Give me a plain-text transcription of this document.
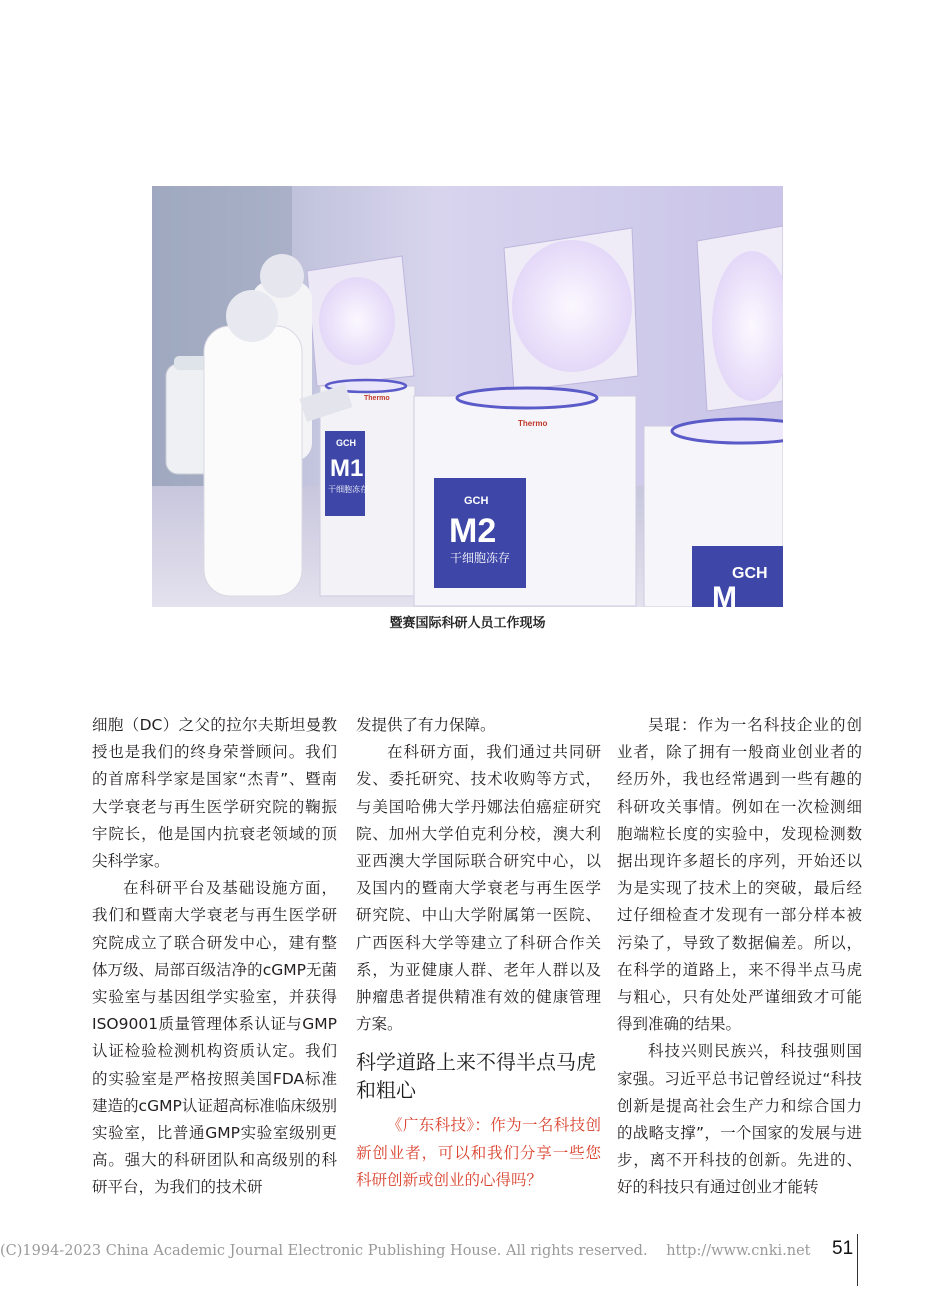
GCH
M1
干细胞冻存
Thermo
GCH
M2
干细胞冻存
Thermo
GCH
M
暨赛国际科研人员工作现场

细胞（DC）之父的拉尔夫斯坦曼教授也是我们的终身荣誉顾问。我们的首席科学家是国家“杰青”、暨南大学衰老与再生医学研究院的鞠振宇院长，他是国内抗衰老领域的顶尖科学家。

在科研平台及基础设施方面，我们和暨南大学衰老与再生医学研究院成立了联合研发中心，建有整体万级、局部百级洁净的cGMP无菌实验室与基因组学实验室，并获得ISO9001质量管理体系认证与GMP认证检验检测机构资质认定。我们的实验室是严格按照美国FDA标准建造的cGMP认证超高标准临床级别实验室，比普通GMP实验室级别更高。强大的科研团队和高级别的科研平台，为我们的技术研

发提供了有力保障。

在科研方面，我们通过共同研发、委托研究、技术收购等方式，与美国哈佛大学丹娜法伯癌症研究院、加州大学伯克利分校，澳大利亚西澳大学国际联合研究中心，以及国内的暨南大学衰老与再生医学研究院、中山大学附属第一医院、广西医科大学等建立了科研合作关系，为亚健康人群、老年人群以及肿瘤患者提供精准有效的健康管理方案。

科学道路上来不得半点马虎和粗心

《广东科技》：作为一名科技创新创业者，可以和我们分享一些您科研创新或创业的心得吗？

吴琨：作为一名科技企业的创业者，除了拥有一般商业创业者的经历外，我也经常遇到一些有趣的科研攻关事情。例如在一次检测细胞端粒长度的实验中，发现检测数据出现许多超长的序列，开始还以为是实现了技术上的突破，最后经过仔细检查才发现有一部分样本被污染了，导致了数据偏差。所以，在科学的道路上，来不得半点马虎与粗心，只有处处严谨细致才可能得到准确的结果。

科技兴则民族兴，科技强则国家强。习近平总书记曾经说过“科技创新是提高社会生产力和综合国力的战略支撑”，一个国家的发展与进步，离不开科技的创新。先进的、好的科技只有通过创业才能转

(C)1994-2023 China Academic Journal Electronic Publishing House. All rights reserved. http://www.cnki.net	51
